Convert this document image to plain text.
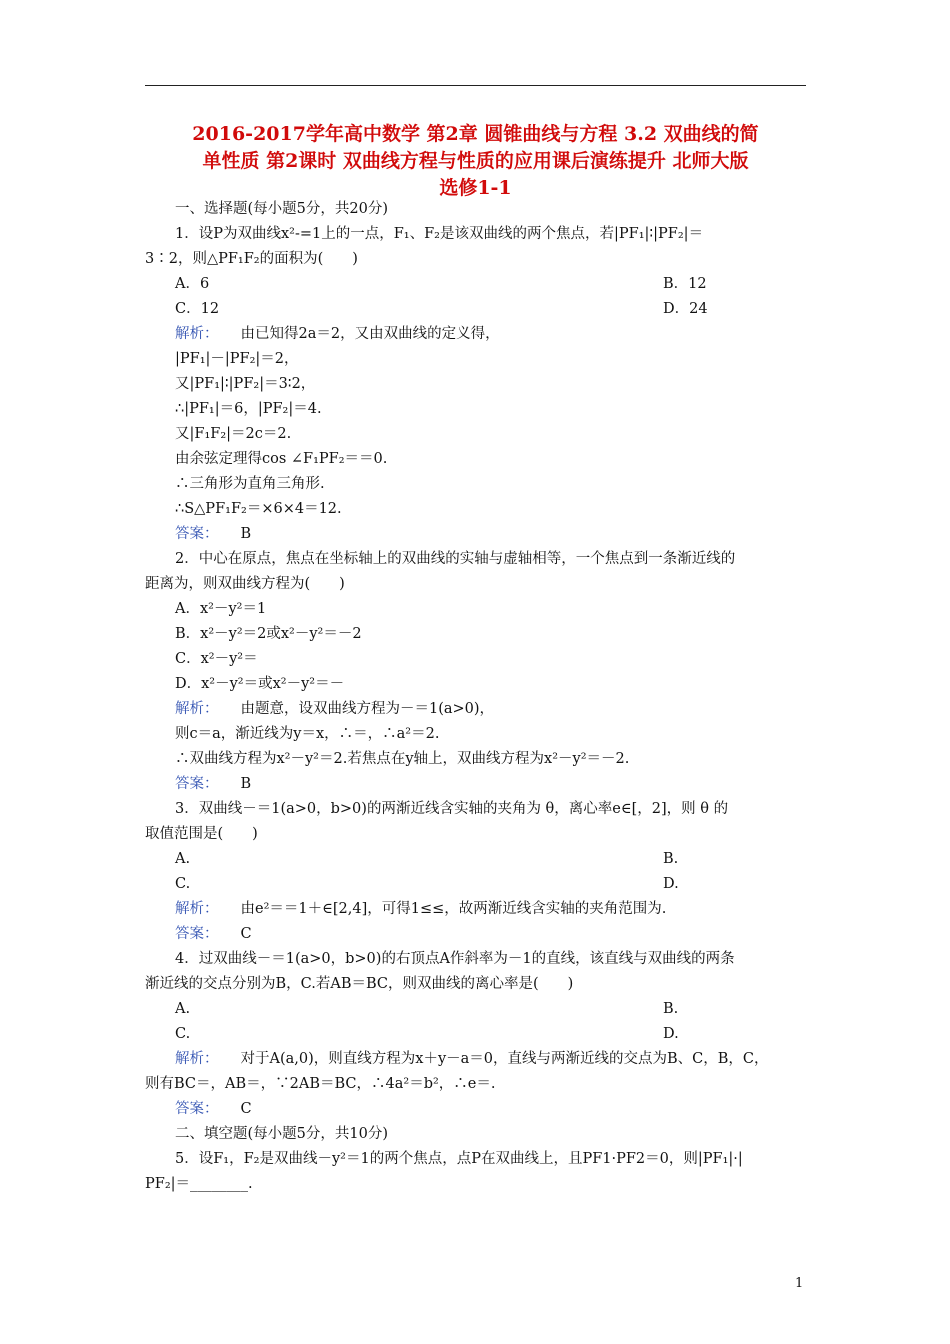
2016-2017学年高中数学 第2章 圆锥曲线与方程 3.2 双曲线的简
单性质 第2课时 双曲线方程与性质的应用课后演练提升 北师大版
选修1-1
一、选择题(每小题5分，共20分)
1．设P为双曲线x²-=1上的一点，F₁、F₂是该双曲线的两个焦点，若|PF₁|∶|PF₂|＝
3∶2，则△PF₁F₂的面积为(　　)
A．6	B．12
C．12	D．24
解析： 由已知得2a＝2，又由双曲线的定义得，
|PF₁|－|PF₂|＝2，
又|PF₁|∶|PF₂|＝3∶2，
∴|PF₁|＝6，|PF₂|＝4.
又|F₁F₂|＝2c＝2.
由余弦定理得cos ∠F₁PF₂＝＝0.
∴三角形为直角三角形.
∴S△PF₁F₂＝×6×4＝12.
答案： B
2．中心在原点，焦点在坐标轴上的双曲线的实轴与虚轴相等，一个焦点到一条渐近线的
距离为，则双曲线方程为(　　)
A．x²－y²＝1
B．x²－y²＝2或x²－y²＝－2
C．x²－y²＝
D．x²－y²＝或x²－y²＝－
解析： 由题意，设双曲线方程为－＝1(a>0)，
则c＝a，渐近线为y＝x，∴＝，∴a²＝2.
∴双曲线方程为x²－y²＝2.若焦点在y轴上，双曲线方程为x²－y²＝－2.
答案： B
3．双曲线－＝1(a>0，b>0)的两渐近线含实轴的夹角为 θ，离心率e∈[，2]，则 θ 的
取值范围是(　　)
A.	B.
C.	D.
解析： 由e²＝＝1＋∈[2,4]，可得1≤≤，故两渐近线含实轴的夹角范围为.
答案： C
4．过双曲线－＝1(a>0，b>0)的右顶点A作斜率为－1的直线，该直线与双曲线的两条
渐近线的交点分别为B，C.若AB＝BC，则双曲线的离心率是(　　)
A.	B.
C.	D.
解析： 对于A(a,0)，则直线方程为x＋y－a＝0，直线与两渐近线的交点为B、C，B，C，
则有BC＝，AB＝，∵2AB＝BC，∴4a²＝b²，∴e＝.
答案： C
二、填空题(每小题5分，共10分)
5．设F₁，F₂是双曲线－y²＝1的两个焦点，点P在双曲线上，且PF1·PF2＝0，则|PF₁|·|
PF₂|＝________.
1
